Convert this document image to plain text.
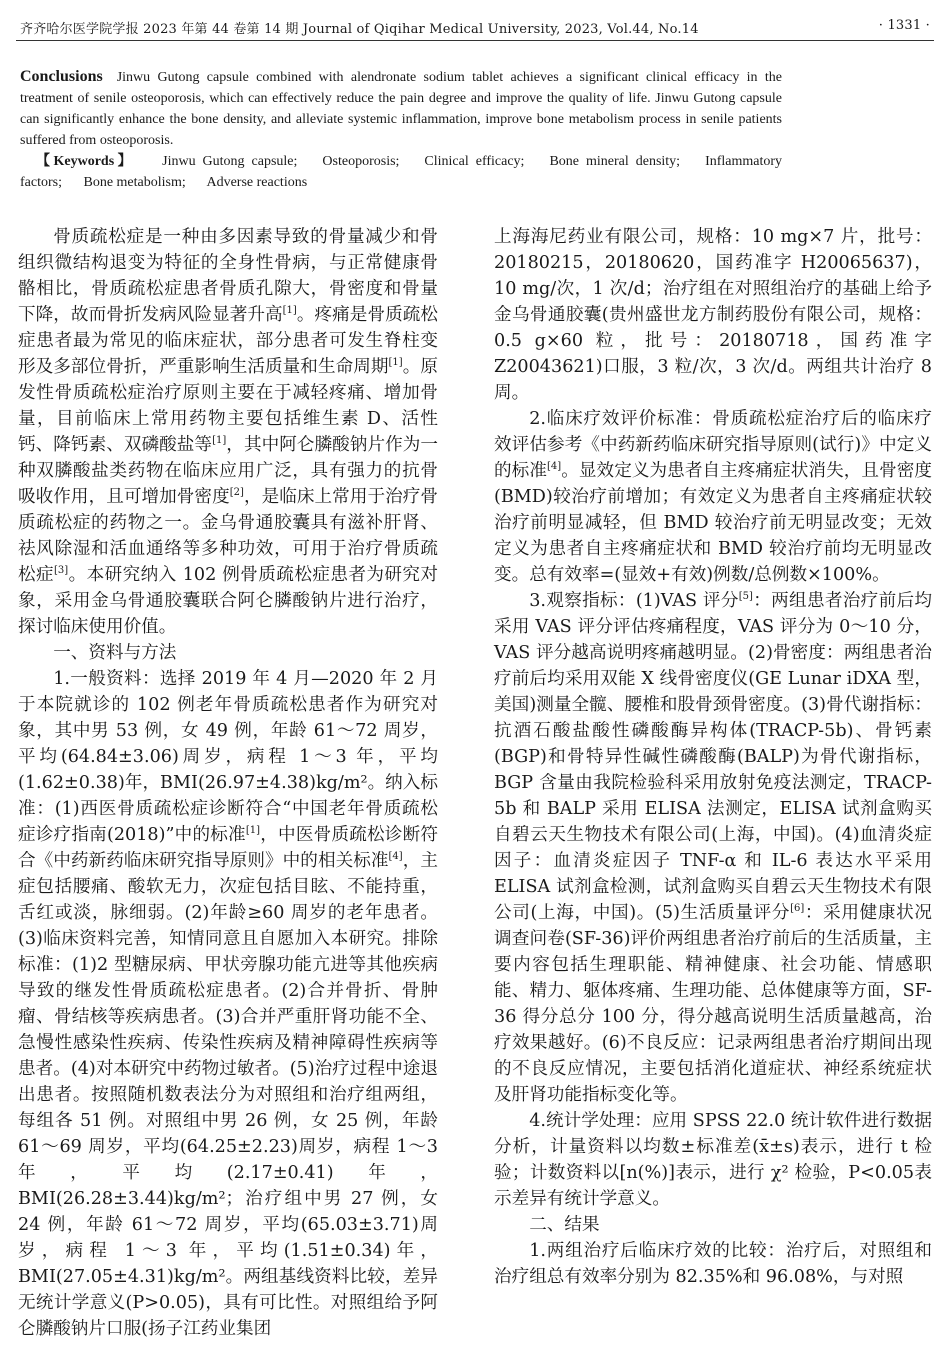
齐齐哈尔医学院学报 2023 年第 44 卷第 14 期 Journal of Qiqihar Medical University, 2023, Vol.44, No.14	· 1331 ·
Conclusions Jinwu Gutong capsule combined with alendronate sodium tablet achieves a significant clinical efficacy in the treatment of senile osteoporosis, which can effectively reduce the pain degree and improve the quality of life. Jinwu Gutong capsule can significantly enhance the bone density, and alleviate systemic inflammation, improve bone metabolism process in senile patients suffered from osteoporosis.
【Keywords】 Jinwu Gutong capsule; Osteoporosis; Clinical efficacy; Bone mineral density; Inflammatory factors; Bone metabolism; Adverse reactions

骨质疏松症是一种由多因素导致的骨量减少和骨组织微结构退变为特征的全身性骨病，与正常健康骨骼相比，骨质疏松症患者骨质孔隙大，骨密度和骨量下降，故而骨折发病风险显著升高[1]。疼痛是骨质疏松症患者最为常见的临床症状，部分患者可发生脊柱变形及多部位骨折，严重影响生活质量和生命周期[1]。原发性骨质疏松症治疗原则主要在于减轻疼痛、增加骨量，目前临床上常用药物主要包括维生素 D、活性钙、降钙素、双磷酸盐等[1]，其中阿仑膦酸钠片作为一种双膦酸盐类药物在临床应用广泛，具有强力的抗骨吸收作用，且可增加骨密度[2]，是临床上常用于治疗骨质疏松症的药物之一。金乌骨通胶囊具有滋补肝肾、祛风除湿和活血通络等多种功效，可用于治疗骨质疏松症[3]。本研究纳入 102 例骨质疏松症患者为研究对象，采用金乌骨通胶囊联合阿仑膦酸钠片进行治疗，探讨临床使用价值。

一、资料与方法

1.一般资料：选择 2019 年 4 月—2020 年 2 月于本院就诊的 102 例老年骨质疏松患者作为研究对象，其中男 53 例，女 49 例，年龄 61～72 周岁，平均(64.84±3.06)周岁，病程 1～3 年，平均(1.62±0.38)年，BMI(26.97±4.38)kg/m²。纳入标准：(1)西医骨质疏松症诊断符合“中国老年骨质疏松症诊疗指南(2018)”中的标准[1]，中医骨质疏松诊断符合《中药新药临床研究指导原则》中的相关标准[4]，主症包括腰痛、酸软无力，次症包括目眩、不能持重，舌红或淡，脉细弱。(2)年龄≥60 周岁的老年患者。(3)临床资料完善，知情同意且自愿加入本研究。排除标准：(1)2 型糖尿病、甲状旁腺功能亢进等其他疾病导致的继发性骨质疏松症患者。(2)合并骨折、骨肿瘤、骨结核等疾病患者。(3)合并严重肝肾功能不全、急慢性感染性疾病、传染性疾病及精神障碍性疾病等患者。(4)对本研究中药物过敏者。(5)治疗过程中途退出患者。按照随机数表法分为对照组和治疗组两组，每组各 51 例。对照组中男 26 例，女 25 例，年龄 61～69 周岁，平均(64.25±2.23)周岁，病程 1～3 年，平均(2.17±0.41)年，BMI(26.28±3.44)kg/m²；治疗组中男 27 例，女 24 例，年龄 61～72 周岁，平均(65.03±3.71)周岁，病程 1～3 年，平均(1.51±0.34)年，BMI(27.05±4.31)kg/m²。两组基线资料比较，差异无统计学意义(P>0.05)，具有可比性。对照组给予阿仑膦酸钠片口服(扬子江药业集团

上海海尼药业有限公司，规格：10 mg×7 片，批号：20180215，20180620，国药准字 H20065637)，10 mg/次，1 次/d；治疗组在对照组治疗的基础上给予金乌骨通胶囊(贵州盛世龙方制药股份有限公司，规格：0.5 g×60 粒，批号：20180718，国药准字 Z20043621)口服，3 粒/次，3 次/d。两组共计治疗 8 周。

2.临床疗效评价标准：骨质疏松症治疗后的临床疗效评估参考《中药新药临床研究指导原则(试行)》中定义的标准[4]。显效定义为患者自主疼痛症状消失，且骨密度(BMD)较治疗前增加；有效定义为患者自主疼痛症状较治疗前明显减轻，但 BMD 较治疗前无明显改变；无效定义为患者自主疼痛症状和 BMD 较治疗前均无明显改变。总有效率=(显效+有效)例数/总例数×100%。

3.观察指标：(1)VAS 评分[5]：两组患者治疗前后均采用 VAS 评分评估疼痛程度，VAS 评分为 0～10 分，VAS 评分越高说明疼痛越明显。(2)骨密度：两组患者治疗前后均采用双能 X 线骨密度仪(GE Lunar iDXA 型，美国)测量全髋、腰椎和股骨颈骨密度。(3)骨代谢指标：抗酒石酸盐酸性磷酸酶异构体(TRACP-5b)、骨钙素(BGP)和骨特异性碱性磷酸酶(BALP)为骨代谢指标，BGP 含量由我院检验科采用放射免疫法测定，TRACP-5b 和 BALP 采用 ELISA 法测定，ELISA 试剂盒购买自碧云天生物技术有限公司(上海，中国)。(4)血清炎症因子：血清炎症因子 TNF-α 和 IL-6 表达水平采用 ELISA 试剂盒检测，试剂盒购买自碧云天生物技术有限公司(上海，中国)。(5)生活质量评分[6]：采用健康状况调查问卷(SF-36)评价两组患者治疗前后的生活质量，主要内容包括生理职能、精神健康、社会功能、情感职能、精力、躯体疼痛、生理功能、总体健康等方面，SF-36 得分总分 100 分，得分越高说明生活质量越高，治疗效果越好。(6)不良反应：记录两组患者治疗期间出现的不良反应情况，主要包括消化道症状、神经系统症状及肝肾功能指标变化等。

4.统计学处理：应用 SPSS 22.0 统计软件进行数据分析，计量资料以均数±标准差(x̄±s)表示，进行 t 检验；计数资料以[n(%)]表示，进行 χ² 检验，P<0.05表示差异有统计学意义。

二、结果

1.两组治疗后临床疗效的比较：治疗后，对照组和治疗组总有效率分别为 82.35%和 96.08%，与对照
